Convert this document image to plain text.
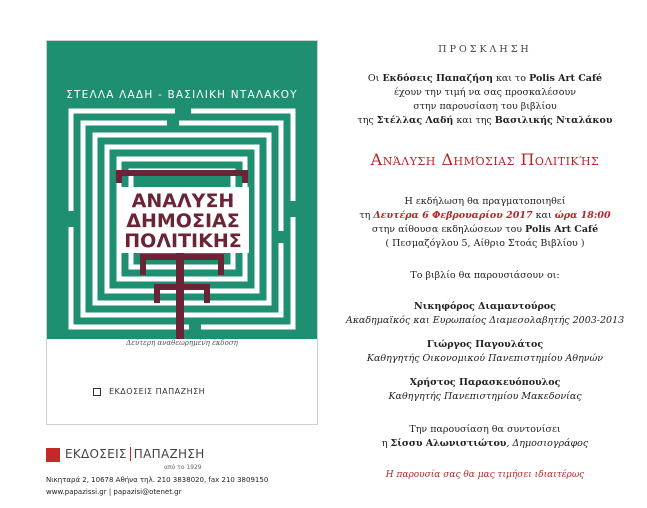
ΑΝΑΛΥΣΗ
ΔΗΜΟΣΙΑΣ
ΠΟΛΙΤΙΚΗΣ
ΣΤΕΛΛΑ ΛΑΔΗ - ΒΑΣΙΛΙΚΗ ΝΤΑΛΑΚΟΥ
Δεύτερη αναθεωρημένη έκδοση
ΕΚΔΟΣΕΙΣ ΠΑΠΑΖΗΣΗ
ΕΚΔΟΣΕΙΣ ΠΑΠΑΖΗΣΗ
από το 1929
Νικηταρά 2, 10678 Αθήνα τηλ. 210 3838020, fax 210 3809150
www.papazissi.gr | papazisi@otenet.gr
ΠΡΟΣΚΛΗΣΗ
Οι Εκδόσεις Παπαζήση και το Polis Art Café
έχουν την τιμή να σας προσκαλέσουν
στην παρουσίαση του βιβλίου
της Στέλλας Λαδή και της Βασιλικής Νταλάκου
Ανάλυση Δημόσιας Πολιτικής
Η εκδήλωση θα πραγματοποιηθεί
τη Δευτέρα 6 Φεβρουαρίου 2017 και ώρα 18:00
στην αίθουσα εκδηλώσεων του Polis Art Café
( Πεσμαζόγλου 5, Αίθριο Στοάς Βιβλίου )
Το βιβλίο θα παρουσιάσουν οι:
Νικηφόρος Διαμαντούρος
Ακαδημαϊκός και Ευρωπαίος Διαμεσολαβητής 2003-2013
Γιώργος Παγουλάτος
Καθηγητής Οικονομικού Πανεπιστημίου Αθηνών
Χρήστος Παρασκευόπουλος
Καθηγητής Πανεπιστημίου Μακεδονίας
Την παρουσίαση θα συντονίσει
η Σίσσυ Αλωνιστιώτου, Δημοσιογράφος
Η παρουσία σας θα μας τιμήσει ιδιαιτέρως
